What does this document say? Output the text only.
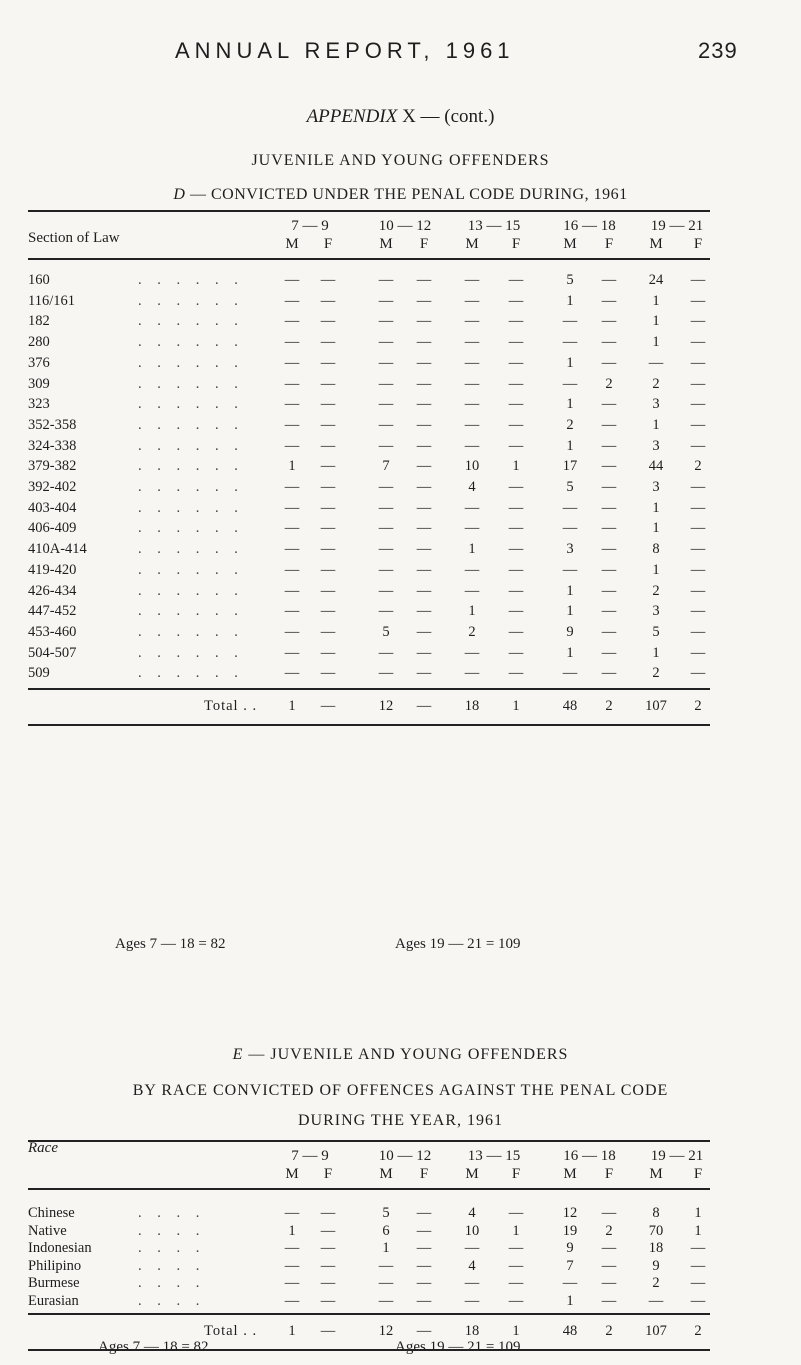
ANNUAL REPORT, 1961	239
APPENDIX X — (cont.)
JUVENILE AND YOUNG OFFENDERS
D — CONVICTED UNDER THE PENAL CODE DURING, 1961
160	. . . . . .	—	—	—	—	—	—	5	—	24	—
116/161	. . . . . .	—	—	—	—	—	—	1	—	1	—
182	. . . . . .	—	—	—	—	—	—	—	—	1	—
280	. . . . . .	—	—	—	—	—	—	—	—	1	—
376	. . . . . .	—	—	—	—	—	—	1	—	—	—
309	. . . . . .	—	—	—	—	—	—	—	2	2	—
323	. . . . . .	—	—	—	—	—	—	1	—	3	—
352-358	. . . . . .	—	—	—	—	—	—	2	—	1	—
324-338	. . . . . .	—	—	—	—	—	—	1	—	3	—
379-382	. . . . . .	1	—	7	—	10	1	17	—	44	2
392-402	. . . . . .	—	—	—	—	4	—	5	—	3	—
403-404	. . . . . .	—	—	—	—	—	—	—	—	1	—
406-409	. . . . . .	—	—	—	—	—	—	—	—	1	—
410A-414	. . . . . .	—	—	—	—	1	—	3	—	8	—
419-420	. . . . . .	—	—	—	—	—	—	—	—	1	—
426-434	. . . . . .	—	—	—	—	—	—	1	—	2	—
447-452	. . . . . .	—	—	—	—	1	—	1	—	3	—
453-460	. . . . . .	—	—	5	—	2	—	9	—	5	—
504-507	. . . . . .	—	—	—	—	—	—	1	—	1	—
509	. . . . . .	—	—	—	—	—	—	—	—	2	—
Total . .	1	—	12	—	18	1	48	2	107	2
Ages 7 — 18 = 82	Ages 19 — 21 = 109
E — JUVENILE AND YOUNG OFFENDERS
BY RACE CONVICTED OF OFFENCES AGAINST THE PENAL CODE
DURING THE YEAR, 1961
Chinese	. . . .	—	—	5	—	4	—	12	—	8	1
Native	. . . .	1	—	6	—	10	1	19	2	70	1
Indonesian	. . . .	—	—	1	—	—	—	9	—	18	—
Philipino	. . . .	—	—	—	—	4	—	7	—	9	—
Burmese	. . . .	—	—	—	—	—	—	—	—	2	—
Eurasian	. . . .	—	—	—	—	—	—	1	—	—	—
Total . .	1	—	12	—	18	1	48	2	107	2
Ages 7 — 18 = 82	Ages 19 — 21 = 109
Section of Law
7 — 9	10 — 12	13 — 15	16 — 18	19 — 21
M	F	M	F	M	F	M	F	M	F
Race	7 — 9	10 — 12	13 — 15	16 — 18	19 — 21
M	F	M	F	M	F	M	F	M	F
